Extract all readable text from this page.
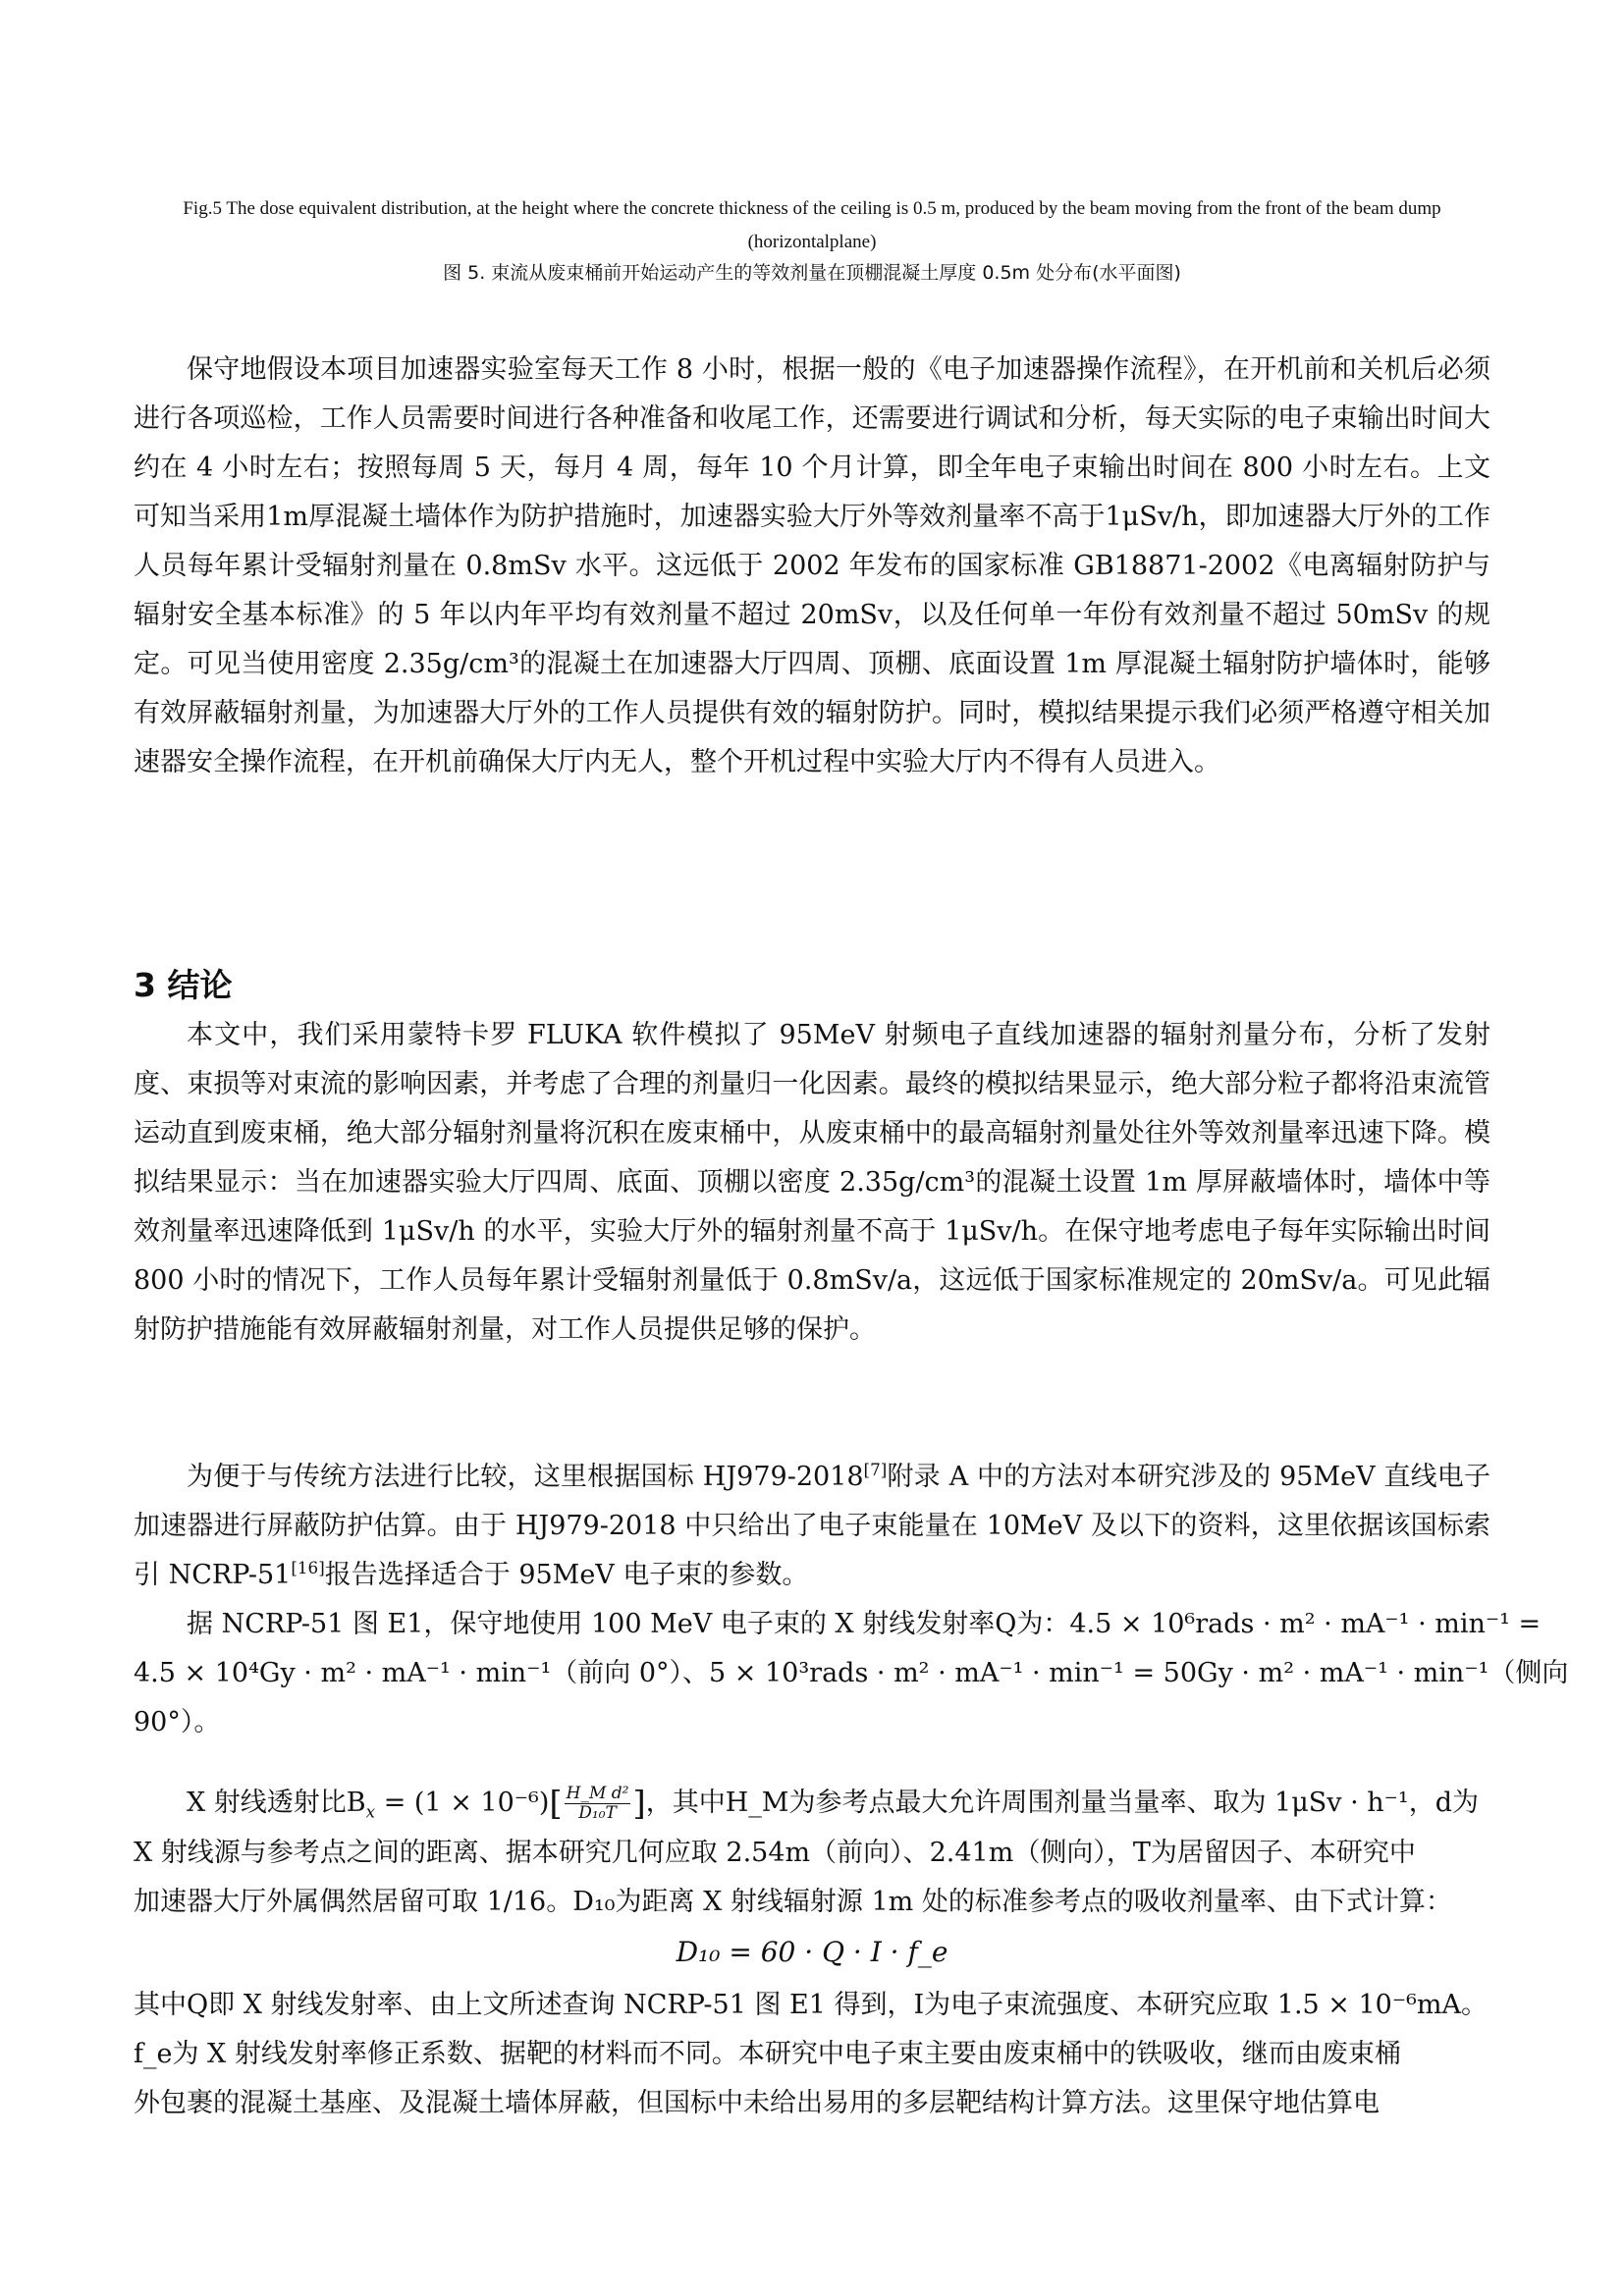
Fig.5 The dose equivalent distribution, at the height where the concrete thickness of the ceiling is 0.5 m, produced by the beam moving from the front of the beam dump (horizontalplane)
图 5. 束流从废束桶前开始运动产生的等效剂量在顶棚混凝土厚度 0.5m 处分布(水平面图)
保守地假设本项目加速器实验室每天工作 8 小时，根据一般的《电子加速器操作流程》，在开机前和关机后必须进行各项巡检，工作人员需要时间进行各种准备和收尾工作，还需要进行调试和分析，每天实际的电子束输出时间大约在 4 小时左右；按照每周 5 天，每月 4 周，每年 10 个月计算，即全年电子束输出时间在 800 小时左右。上文可知当采用1m厚混凝土墙体作为防护措施时，加速器实验大厅外等效剂量率不高于1μSv/h，即加速器大厅外的工作人员每年累计受辐射剂量在 0.8mSv 水平。这远低于 2002 年发布的国家标准 GB18871-2002《电离辐射防护与辐射安全基本标准》的 5 年以内年平均有效剂量不超过 20mSv，以及任何单一年份有效剂量不超过 50mSv 的规定。可见当使用密度 2.35g/cm³的混凝土在加速器大厅四周、顶棚、底面设置 1m 厚混凝土辐射防护墙体时，能够有效屏蔽辐射剂量，为加速器大厅外的工作人员提供有效的辐射防护。同时，模拟结果提示我们必须严格遵守相关加速器安全操作流程，在开机前确保大厅内无人，整个开机过程中实验大厅内不得有人员进入。
3 结论
本文中，我们采用蒙特卡罗 FLUKA 软件模拟了 95MeV 射频电子直线加速器的辐射剂量分布，分析了发射度、束损等对束流的影响因素，并考虑了合理的剂量归一化因素。最终的模拟结果显示，绝大部分粒子都将沿束流管运动直到废束桶，绝大部分辐射剂量将沉积在废束桶中，从废束桶中的最高辐射剂量处往外等效剂量率迅速下降。模拟结果显示：当在加速器实验大厅四周、底面、顶棚以密度 2.35g/cm³的混凝土设置 1m 厚屏蔽墙体时，墙体中等效剂量率迅速降低到 1μSv/h 的水平，实验大厅外的辐射剂量不高于 1μSv/h。在保守地考虑电子每年实际输出时间 800 小时的情况下，工作人员每年累计受辐射剂量低于 0.8mSv/a，这远低于国家标准规定的 20mSv/a。可见此辐射防护措施能有效屏蔽辐射剂量，对工作人员提供足够的保护。
为便于与传统方法进行比较，这里根据国标 HJ979-2018[7]附录 A 中的方法对本研究涉及的 95MeV 直线电子加速器进行屏蔽防护估算。由于 HJ979-2018 中只给出了电子束能量在 10MeV 及以下的资料，这里依据该国标索引 NCRP-51[16]报告选择适合于 95MeV 电子束的参数。
据 NCRP-51 图 E1，保守地使用 100 MeV 电子束的 X 射线发射率Q为：4.5 × 10⁶rads · m² · mA⁻¹ · min⁻¹ =
4.5 × 10⁴Gy · m² · mA⁻¹ · min⁻¹（前向 0°）、5 × 10³rads · m² · mA⁻¹ · min⁻¹ = 50Gy · m² · mA⁻¹ · min⁻¹（侧向
90°）。
X 射线透射比$B_x = (1 \times 10^{-6})[ \frac{\text{H\_M d²}}{\text{D₁₀T}}$ ]，其中H_M为参考点最大允许周围剂量当量率、取为 1μSv · h⁻¹，d为
X 射线源与参考点之间的距离、据本研究几何应取 2.54m（前向）、2.41m（侧向），T为居留因子、本研究中
加速器大厅外属偶然居留可取 1/16。D₁₀为距离 X 射线辐射源 1m 处的标准参考点的吸收剂量率、由下式计算：
D₁₀ = 60 · Q · I · f_e
其中Q即 X 射线发射率、由上文所述查询 NCRP-51 图 E1 得到，I为电子束流强度、本研究应取 1.5 × 10⁻⁶mA。
f_e为 X 射线发射率修正系数、据靶的材料而不同。本研究中电子束主要由废束桶中的铁吸收，继而由废束桶
外包裹的混凝土基座、及混凝土墙体屏蔽，但国标中未给出易用的多层靶结构计算方法。这里保守地估算电
